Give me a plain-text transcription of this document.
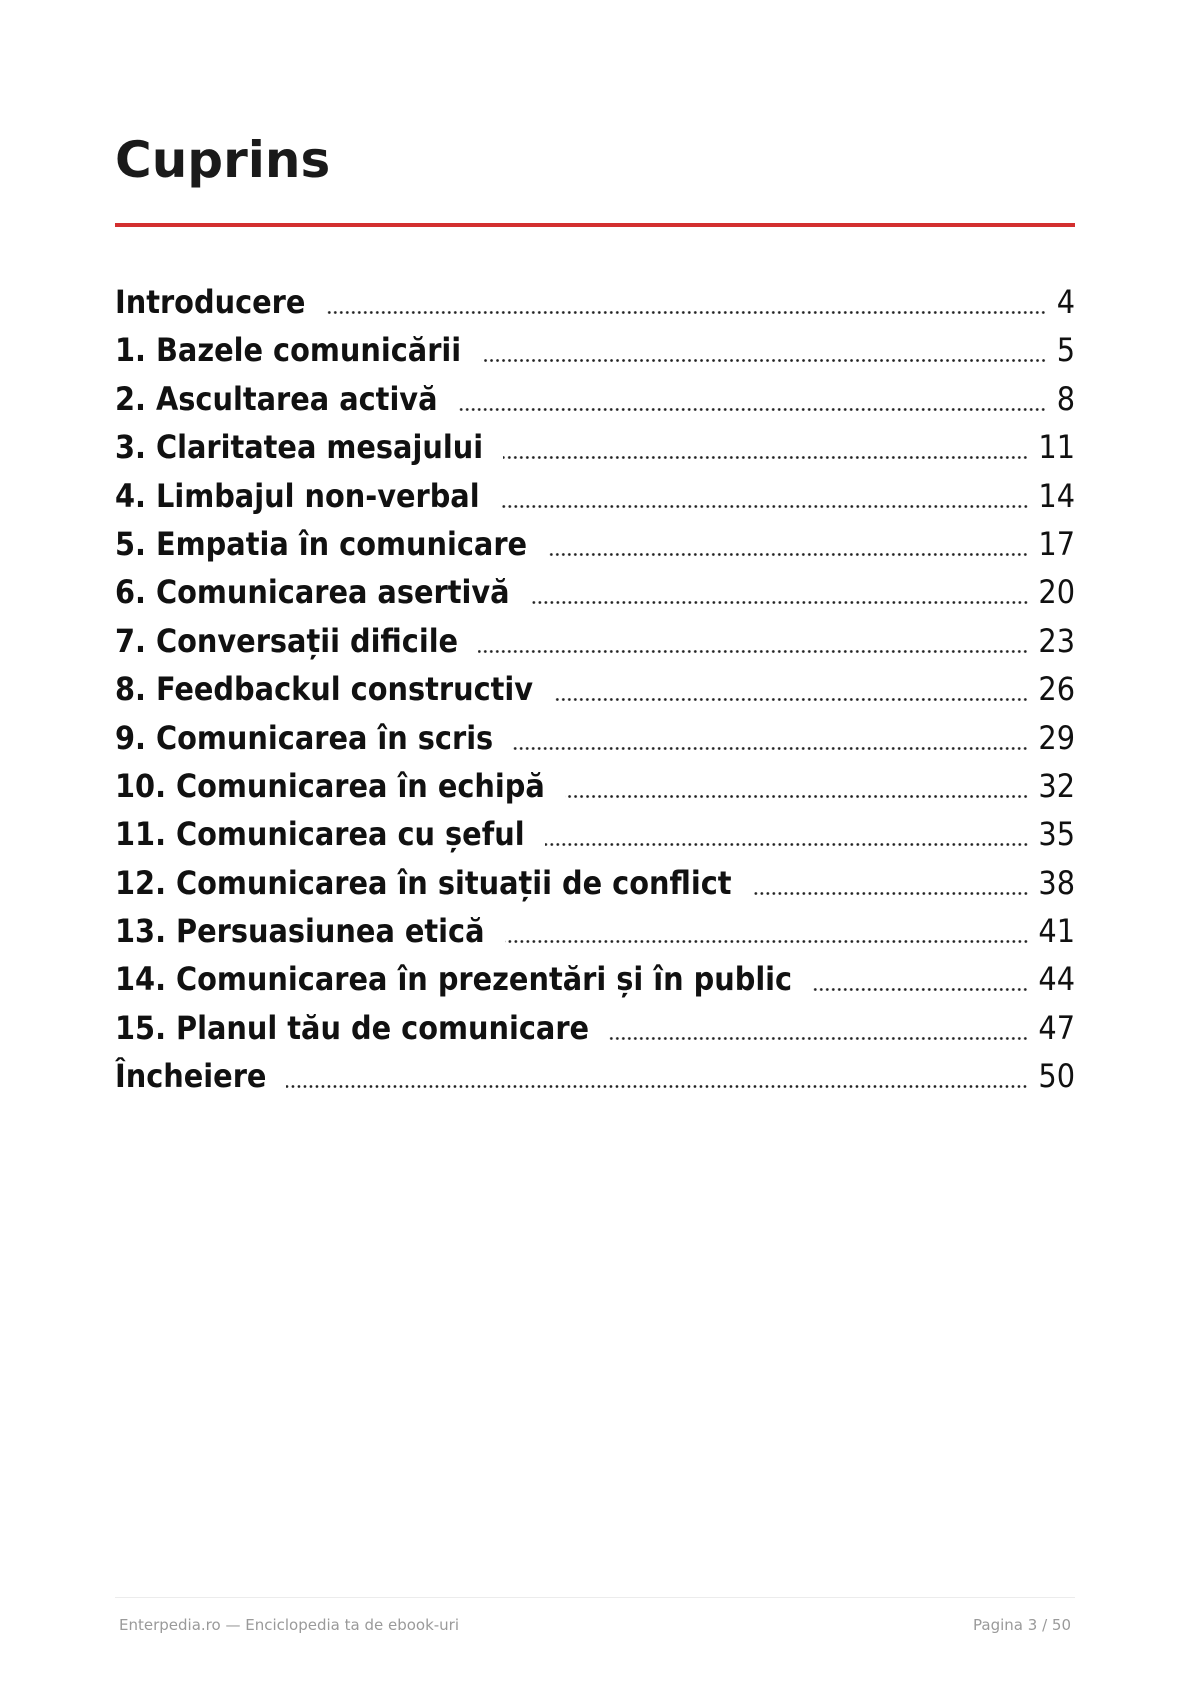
Cuprins
Introducere	4
1. Bazele comunicării	5
2. Ascultarea activă	8
3. Claritatea mesajului	11
4. Limbajul non-verbal	14
5. Empatia în comunicare	17
6. Comunicarea asertivă	20
7. Conversații dificile	23
8. Feedbackul constructiv	26
9. Comunicarea în scris	29
10. Comunicarea în echipă	32
11. Comunicarea cu șeful	35
12. Comunicarea în situații de conflict	38
13. Persuasiunea etică	41
14. Comunicarea în prezentări și în public	44
15. Planul tău de comunicare	47
Încheiere	50
Enterpedia.ro — Enciclopedia ta de ebook-uri	Pagina 3 / 50
